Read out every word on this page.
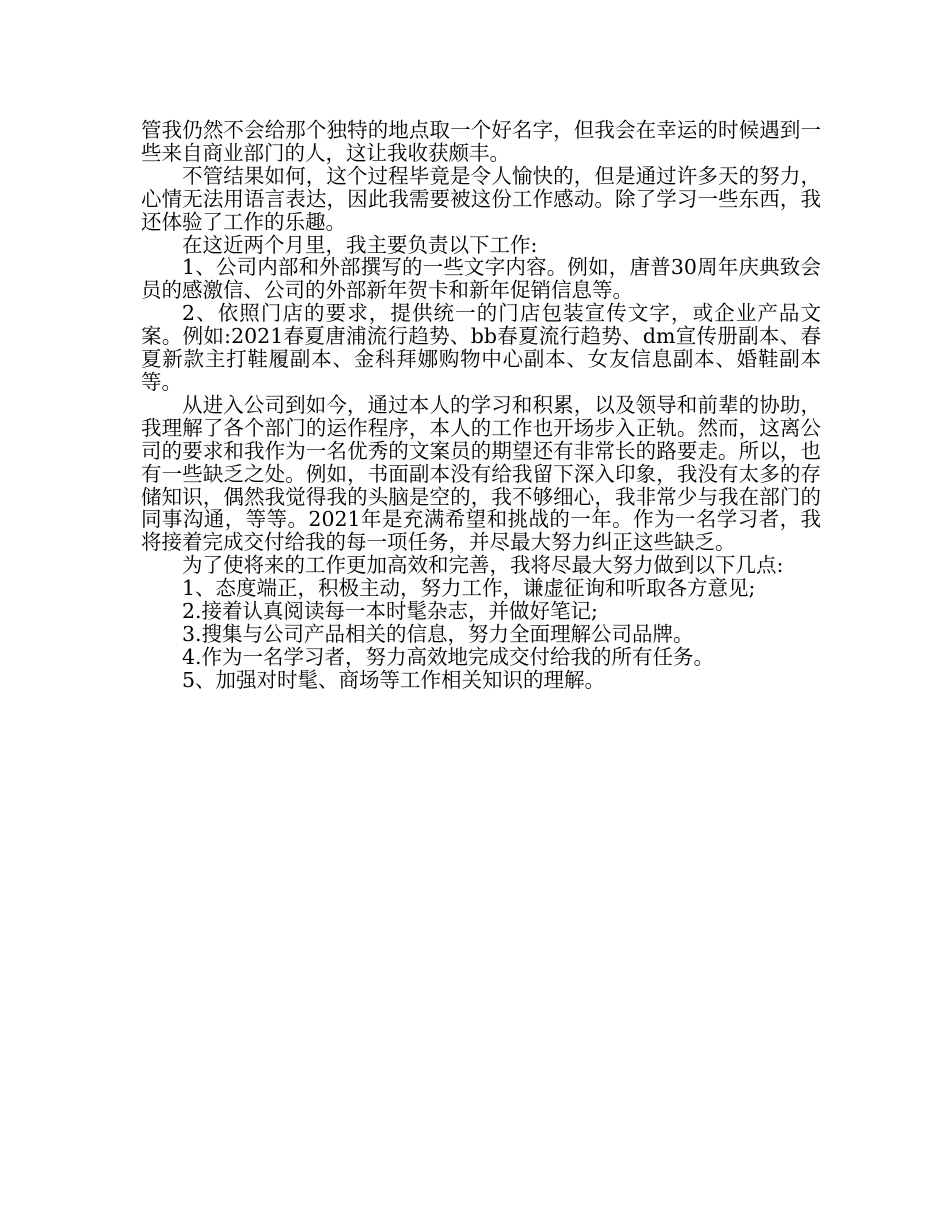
管我仍然不会给那个独特的地点取一个好名字，但我会在幸运的时候遇到一些来自商业部门的人，这让我收获颇丰。

不管结果如何，这个过程毕竟是令人愉快的，但是通过许多天的努力，心情无法用语言表达，因此我需要被这份工作感动。除了学习一些东西，我还体验了工作的乐趣。

在这近两个月里，我主要负责以下工作:

1、公司内部和外部撰写的一些文字内容。例如，唐普30周年庆典致会员的感激信、公司的外部新年贺卡和新年促销信息等。

2、依照门店的要求，提供统一的门店包装宣传文字，或企业产品文案。例如:2021春夏唐浦流行趋势、bb春夏流行趋势、dm宣传册副本、春夏新款主打鞋履副本、金科拜娜购物中心副本、女友信息副本、婚鞋副本等。

从进入公司到如今，通过本人的学习和积累，以及领导和前辈的协助，我理解了各个部门的运作程序，本人的工作也开场步入正轨。然而，这离公司的要求和我作为一名优秀的文案员的期望还有非常长的路要走。所以，也有一些缺乏之处。例如，书面副本没有给我留下深入印象，我没有太多的存储知识，偶然我觉得我的头脑是空的，我不够细心，我非常少与我在部门的同事沟通，等等。2021年是充满希望和挑战的一年。作为一名学习者，我将接着完成交付给我的每一项任务，并尽最大努力纠正这些缺乏。

为了使将来的工作更加高效和完善，我将尽最大努力做到以下几点:

1、态度端正，积极主动，努力工作，谦虚征询和听取各方意见;

2.接着认真阅读每一本时髦杂志，并做好笔记;

3.搜集与公司产品相关的信息，努力全面理解公司品牌。

4.作为一名学习者，努力高效地完成交付给我的所有任务。

5、加强对时髦、商场等工作相关知识的理解。
